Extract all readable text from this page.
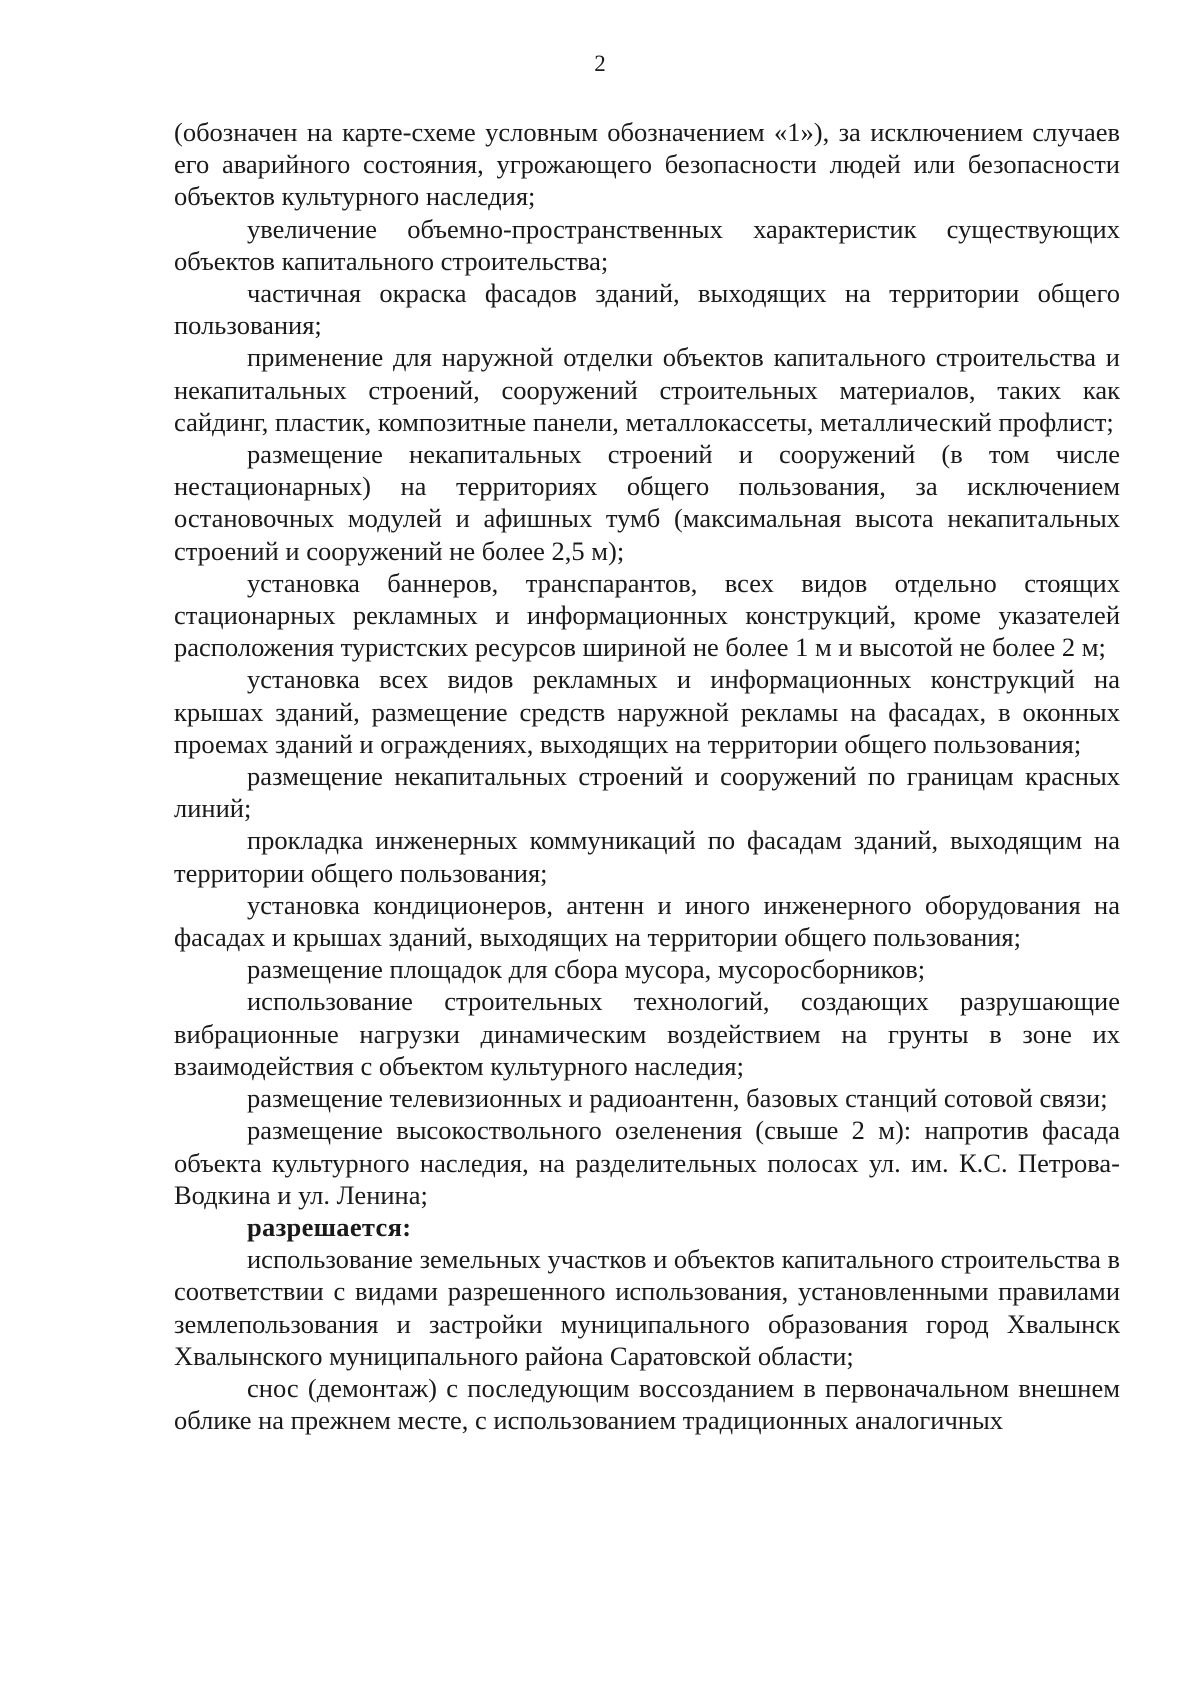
2

(обозначен на карте-схеме условным обозначением «1»), за исключением случаев его аварийного состояния, угрожающего безопасности людей или безопасности объектов культурного наследия;

увеличение объемно-пространственных характеристик существующих объектов капитального строительства;

частичная окраска фасадов зданий, выходящих на территории общего пользования;

применение для наружной отделки объектов капитального строительства и некапитальных строений, сооружений строительных материалов, таких как сайдинг, пластик, композитные панели, металлокассеты, металлический профлист;

размещение некапитальных строений и сооружений (в том числе нестационарных) на территориях общего пользования, за исключением остановочных модулей и афишных тумб (максимальная высота некапитальных строений и сооружений не более 2,5 м);

установка баннеров, транспарантов, всех видов отдельно стоящих стационарных рекламных и информационных конструкций, кроме указателей расположения туристских ресурсов шириной не более 1 м и высотой не более 2 м;

установка всех видов рекламных и информационных конструкций на крышах зданий, размещение средств наружной рекламы на фасадах, в оконных проемах зданий и ограждениях, выходящих на территории общего пользования;

размещение некапитальных строений и сооружений по границам красных линий;

прокладка инженерных коммуникаций по фасадам зданий, выходящим на территории общего пользования;

установка кондиционеров, антенн и иного инженерного оборудования на фасадах и крышах зданий, выходящих на территории общего пользования;

размещение площадок для сбора мусора, мусоросборников;

использование строительных технологий, создающих разрушающие вибрационные нагрузки динамическим воздействием на грунты в зоне их взаимодействия с объектом культурного наследия;

размещение телевизионных и радиоантенн, базовых станций сотовой связи;

размещение высокоствольного озеленения (свыше 2 м): напротив фасада объекта культурного наследия, на разделительных полосах ул. им. К.С. Петрова-Водкина и ул. Ленина;

разрешается:

использование земельных участков и объектов капитального строительства в соответствии с видами разрешенного использования, установленными правилами землепользования и застройки муниципального образования город Хвалынск Хвалынского муниципального района Саратовской области;

снос (демонтаж) с последующим воссозданием в первоначальном внешнем облике на прежнем месте, с использованием традиционных аналогичных
